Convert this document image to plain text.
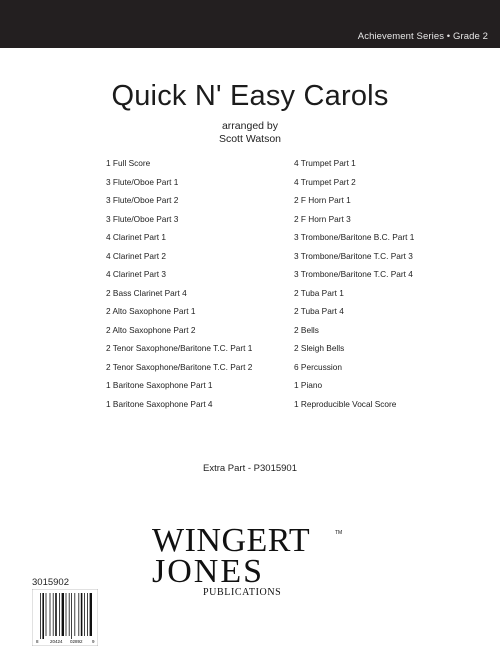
Achievement Series • Grade 2
Quick N' Easy Carols
arranged by
Scott Watson
1 Full Score
3 Flute/Oboe Part 1
3 Flute/Oboe Part 2
3 Flute/Oboe Part 3
4 Clarinet Part 1
4 Clarinet Part 2
4 Clarinet Part 3
2 Bass Clarinet Part 4
2 Alto Saxophone Part 1
2 Alto Saxophone Part 2
2 Tenor Saxophone/Baritone T.C. Part 1
2 Tenor Saxophone/Baritone T.C. Part 2
1 Baritone Saxophone Part 1
1 Baritone Saxophone Part 4
4 Trumpet Part 1
4 Trumpet Part 2
2 F Horn Part 1
2 F Horn Part 3
3 Trombone/Baritone B.C. Part 1
3 Trombone/Baritone T.C. Part 3
3 Trombone/Baritone T.C. Part 4
2 Tuba Part 1
2 Tuba Part 4
2 Bells
2 Sleigh Bells
6 Percussion
1 Piano
1 Reproducible Vocal Score
Extra Part - P3015901
WINGERT	TM
JONES
PUBLICATIONS
3015902
8	20424 02892 9
